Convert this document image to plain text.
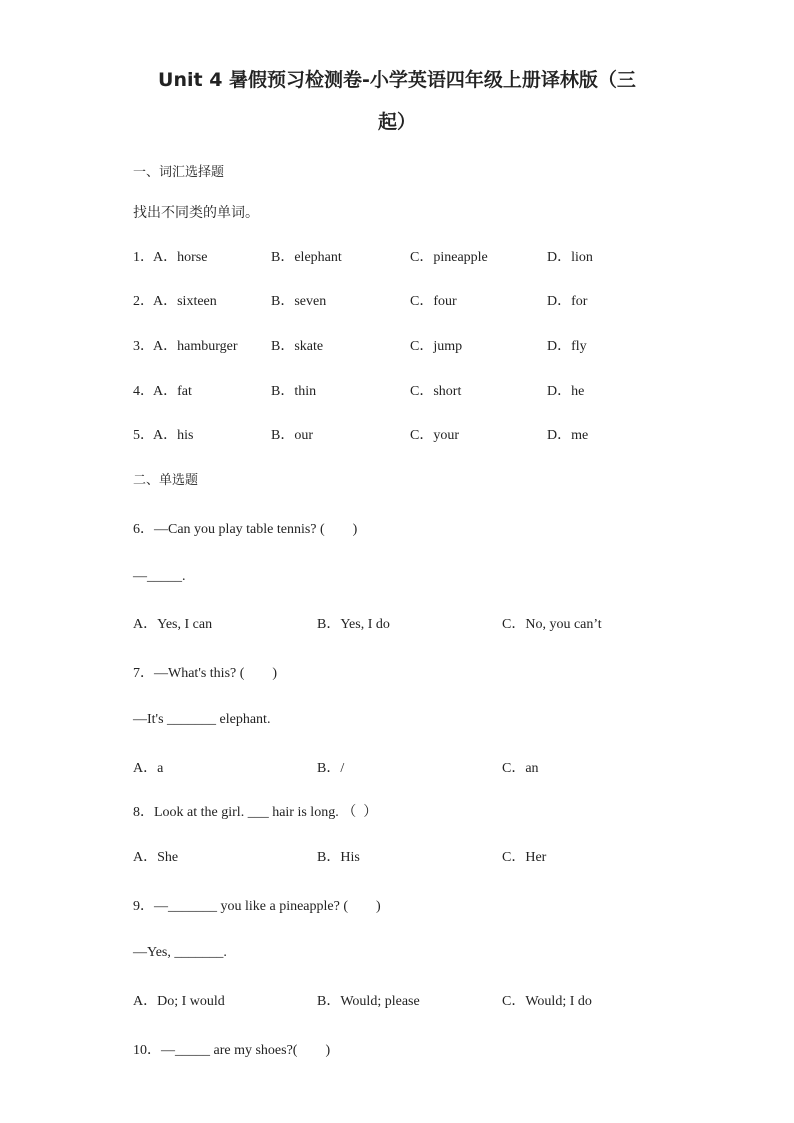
Unit 4 暑假预习检测卷-小学英语四年级上册译林版（三
起）
一、词汇选择题
找出不同类的单词。
1． A．horse	B．elephant	C．pineapple	D．lion
2． A．sixteen	B．seven	C．four	D．for
3． A．hamburger B．skate	C．jump	D．fly
4． A．fat	B．thin	C．short	D．he
5． A．his	B．our	C．your	D．me
二、单选题
6．—Can you play table tennis? (　　)
—_____.
A．Yes, I can	B．Yes, I do	C．No, you can’t
7．—What's this? (　　)
—It's _______ elephant.
A．a	B．/	C．an
8．Look at the girl. ___ hair is long. （  ）
A．She	B．His	C．Her
9．—_______ you like a pineapple? (　　)
—Yes, _______.
A．Do; I would	B．Would; please	C．Would; I do
10．—_____ are my shoes?(　　)
